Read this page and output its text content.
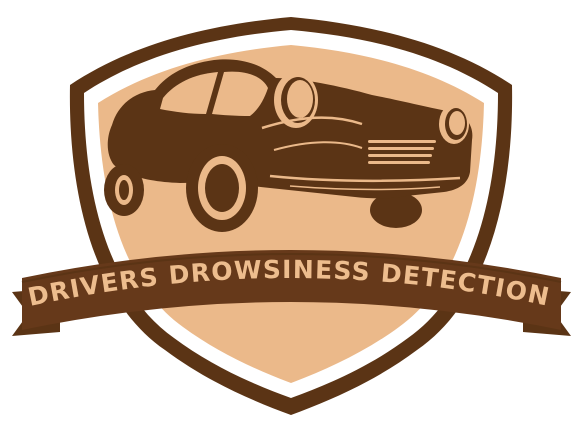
DRIVERS DROWSINESS DETECTION
